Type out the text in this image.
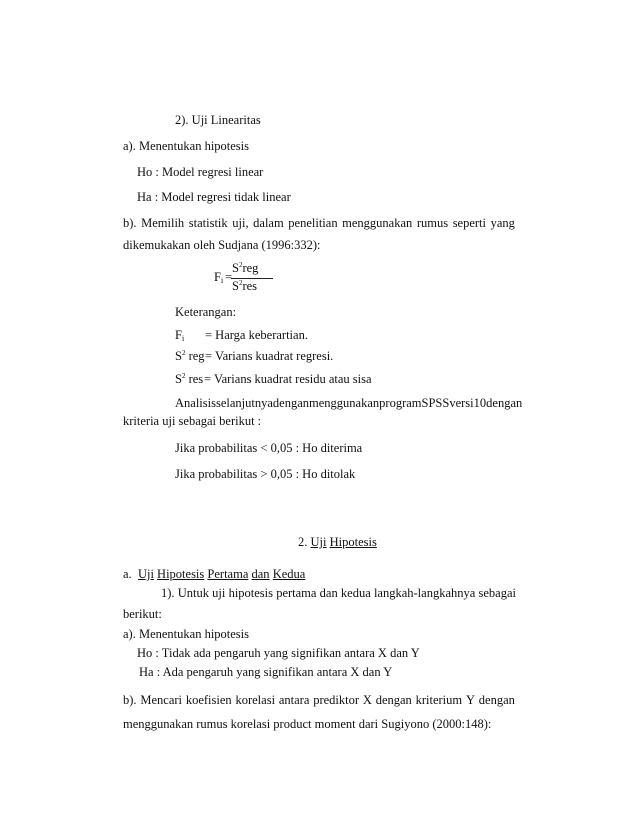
2). Uji Linearitas
a). Menentukan hipotesis
Ho : Model regresi linear
Ha : Model regresi tidak linear
b). Memilih statistik uji, dalam penelitian menggunakan rumus seperti yang
dikemukakan oleh Sudjana (1996:332):
$F_i$ =
$S^2reg$
$S^2res$
Keterangan:
$F_i$ = Harga keberartian.
$S^2$ reg = Varians kuadrat regresi.
$S^2$ res = Varians kuadrat residu atau sisa
Analisis selanjutnya dengan menggunakan program SPSS versi 10 dengan
kriteria uji sebagai berikut :
Jika probabilitas < 0,05 : Ho diterima
Jika probabilitas > 0,05 : Ho ditolak
2. Uji Hipotesis
a. Uji Hipotesis Pertama dan Kedua
1). Untuk uji hipotesis pertama dan kedua langkah-langkahnya sebagai
berikut:
a). Menentukan hipotesis
Ho : Tidak ada pengaruh yang signifikan antara X dan Y
Ha : Ada pengaruh yang signifikan antara X dan Y
b). Mencari koefisien korelasi antara prediktor X dengan kriterium Y dengan
menggunakan rumus korelasi product moment dari Sugiyono (2000:148):
